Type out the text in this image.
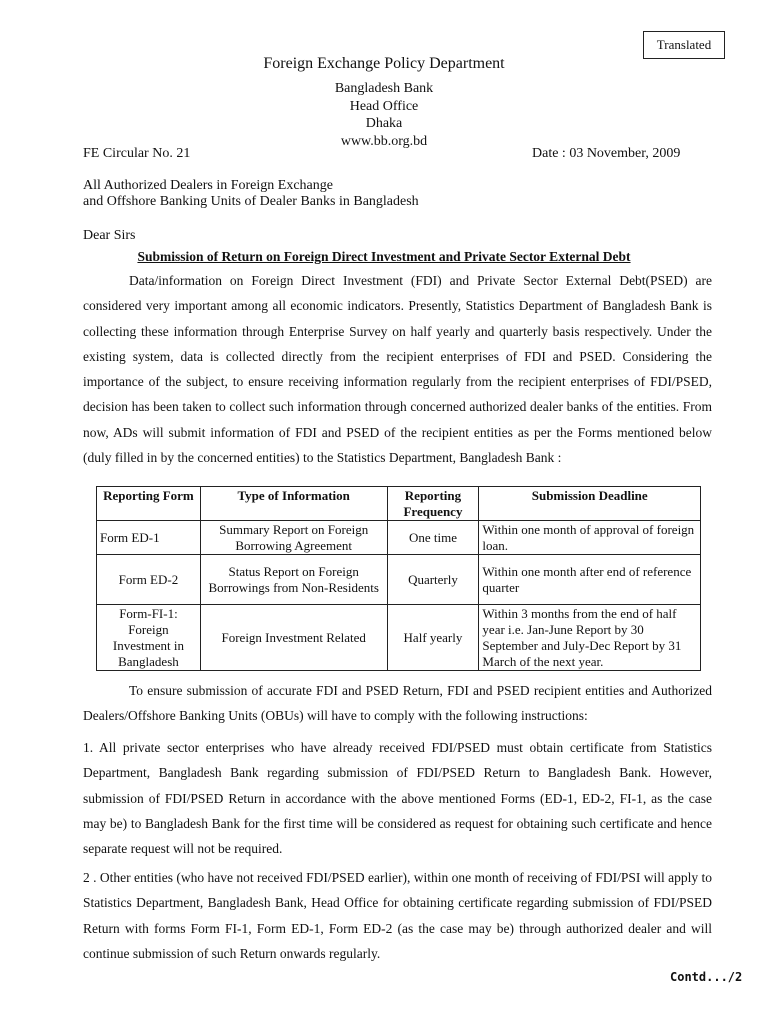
Translated
Foreign Exchange Policy Department
Bangladesh Bank
Head Office
Dhaka
www.bb.org.bd
FE Circular No. 21	Date : 03 November, 2009
All Authorized Dealers in Foreign Exchange
and Offshore Banking Units of Dealer Banks in Bangladesh
Dear Sirs
Submission of Return on Foreign Direct Investment and Private Sector External Debt

Data/information on Foreign Direct Investment (FDI) and Private Sector External Debt(PSED) are considered very important among all economic indicators. Presently, Statistics Department of Bangladesh Bank is collecting these information through Enterprise Survey on half yearly and quarterly basis respectively. Under the existing system, data is collected directly from the recipient enterprises of FDI and PSED. Considering the importance of the subject, to ensure receiving information regularly from the recipient enterprises of FDI/PSED, decision has been taken to collect such information through concerned authorized dealer banks of the entities. From now, ADs will submit information of FDI and PSED of the recipient entities as per the Forms mentioned below (duly filled in by the concerned entities) to the Statistics Department, Bangladesh Bank :

Reporting Form	Type of Information	Reporting Frequency	Submission Deadline
Form ED-1	Summary Report on Foreign Borrowing Agreement	One time	Within one month of approval of foreign loan.
Form ED-2	Status Report on Foreign Borrowings from Non-Residents	Quarterly	Within one month after end of reference quarter
Form-FI-1: Foreign Investment in Bangladesh	Foreign Investment Related	Half yearly	Within 3 months from the end of half year i.e. Jan-June Report by 30 September and July-Dec Report by 31 March of the next year.

To ensure submission of accurate FDI and PSED Return, FDI and PSED recipient entities and Authorized Dealers/Offshore Banking Units (OBUs) will have to comply with the following instructions:

1. All private sector enterprises who have already received FDI/PSED must obtain certificate from Statistics Department, Bangladesh Bank regarding submission of FDI/PSED Return to Bangladesh Bank. However, submission of FDI/PSED Return in accordance with the above mentioned Forms (ED-1, ED-2, FI-1, as the case may be) to Bangladesh Bank for the first time will be considered as request for obtaining such certificate and hence separate request will not be required.

2 . Other entities (who have not received FDI/PSED earlier), within one month of receiving of FDI/PSI will apply to Statistics Department, Bangladesh Bank, Head Office for obtaining certificate regarding submission of FDI/PSED Return with forms Form FI-1, Form ED-1, Form ED-2 (as the case may be) through authorized dealer and will continue submission of such Return onwards regularly.

Contd.../2
